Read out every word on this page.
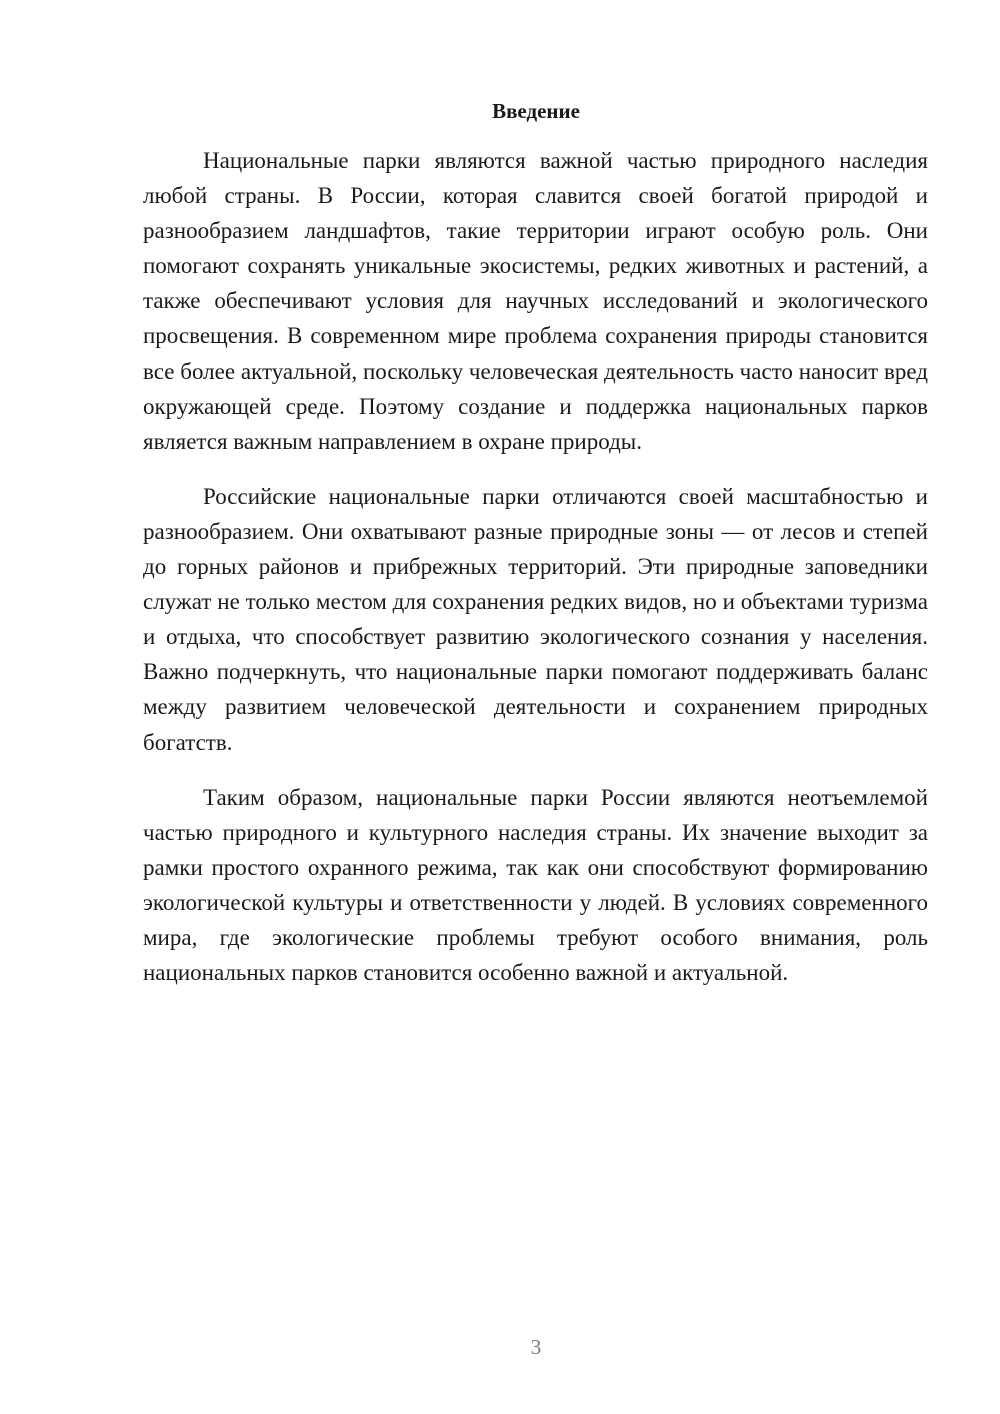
Введение

Национальные парки являются важной частью природного наследия любой страны. В России, которая славится своей богатой природой и разнообразием ландшафтов, такие территории играют особую роль. Они помогают сохранять уникальные экосистемы, редких животных и растений, а также обеспечивают условия для научных исследований и экологического просвещения. В современном мире проблема сохранения природы становится все более актуальной, поскольку человеческая деятельность часто наносит вред окружающей среде. Поэтому создание и поддержка национальных парков является важным направлением в охране природы.

Российские национальные парки отличаются своей масштабностью и разнообразием. Они охватывают разные природные зоны — от лесов и степей до горных районов и прибрежных территорий. Эти природные заповедники служат не только местом для сохранения редких видов, но и объектами туризма и отдыха, что способствует развитию экологического сознания у населения. Важно подчеркнуть, что национальные парки помогают поддерживать баланс между развитием человеческой деятельности и сохранением природных богатств.

Таким образом, национальные парки России являются неотъемлемой частью природного и культурного наследия страны. Их значение выходит за рамки простого охранного режима, так как они способствуют формированию экологической культуры и ответственности у людей. В условиях современного мира, где экологические проблемы требуют особого внимания, роль национальных парков становится особенно важной и актуальной.

3
